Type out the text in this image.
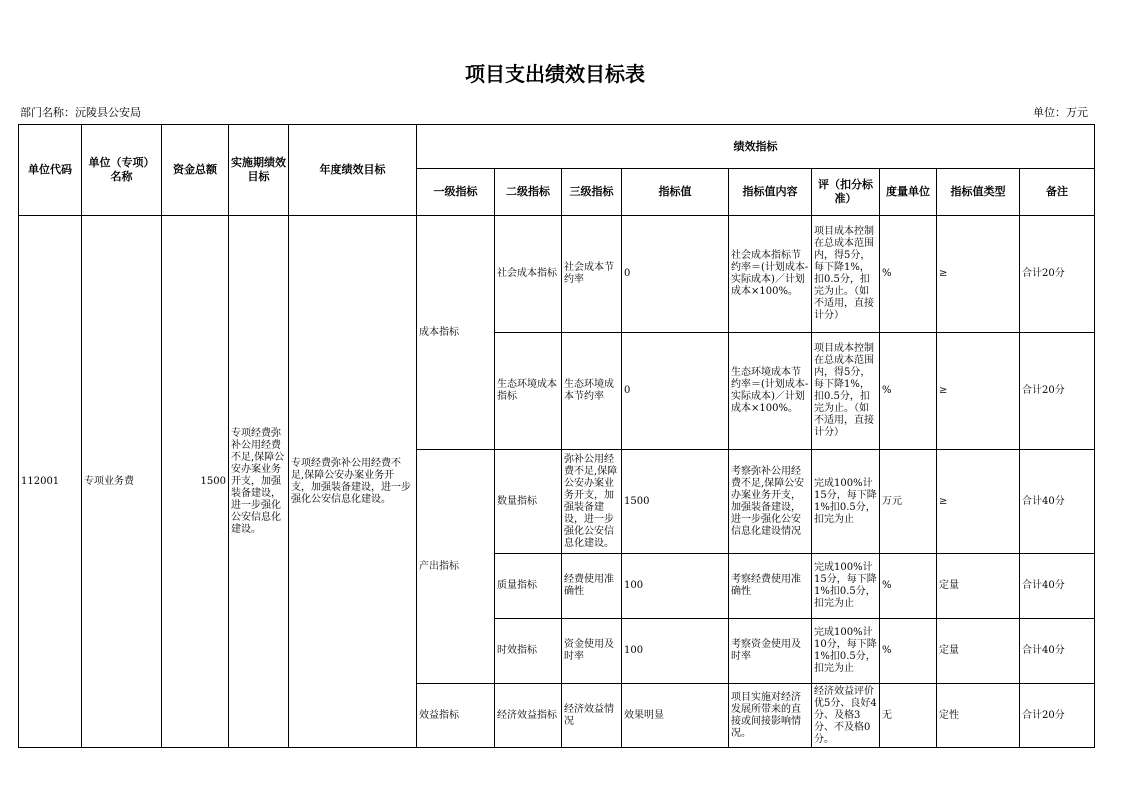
项目支出绩效目标表
部门名称：沅陵县公安局	单位：万元
单位代码	单位（专项）名称	资金总额	实施期绩效目标	年度绩效目标	绩效指标								
					一级指标	二级指标	三级指标	指标值	指标值内容	评（扣分标准）	度量单位	指标值类型	备注
112001	专项业务费	1500	专项经费弥补公用经费不足,保障公安办案业务开支，加强装备建设，进一步强化公安信息化建设。	专项经费弥补公用经费不足,保障公安办案业务开支，加强装备建设，进一步强化公安信息化建设。	成本指标	社会成本指标	社会成本节约率	0	社会成本指标节约率＝(计划成本-实际成本)／计划成本×100%。	项目成本控制在总成本范围内，得5分，每下降1%，扣0.5分，扣完为止。（如不适用，直接计分）	%	≥	合计20分
						生态环境成本指标	生态环境成本节约率	0	生态环境成本节约率＝(计划成本-实际成本)／计划成本×100%。	项目成本控制在总成本范围内，得5分，每下降1%，扣0.5分，扣完为止。（如不适用，直接计分）	%	≥	合计20分
					产出指标	数量指标	弥补公用经费不足,保障公安办案业务开支，加强装备建设，进一步强化公安信息化建设。	1500	考察弥补公用经费不足,保障公安办案业务开支，加强装备建设，进一步强化公安信息化建设情况	完成100%计15分，每下降1%扣0.5分，扣完为止	万元	≥	合计40分
						质量指标	经费使用准确性	100	考察经费使用准确性	完成100%计15分，每下降1%扣0.5分，扣完为止	%	定量	合计40分
						时效指标	资金使用及时率	100	考察资金使用及时率	完成100%计10分，每下降1%扣0.5分，扣完为止	%	定量	合计40分
					效益指标	经济效益指标	经济效益情况	效果明显	项目实施对经济发展所带来的直接或间接影响情况。	经济效益评价优5分、良好4分、及格3分、不及格0分。	无	定性	合计20分
